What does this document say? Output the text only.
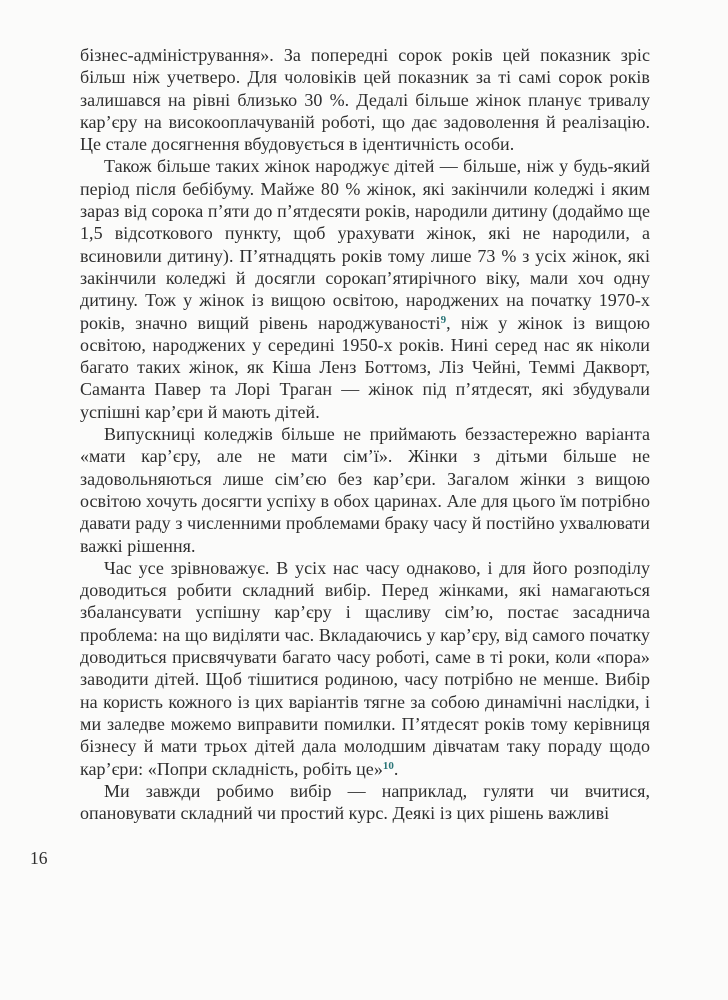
16

бізнес-адміністрування». За попередні сорок років цей показник зріс більш ніж учетверо. Для чоловіків цей показник за ті самі сорок років залишався на рівні близько 30 %. Дедалі більше жінок планує тривалу кар’єру на високооплачуваній роботі, що дає задоволення й реалізацію. Це стале досягнення вбудовується в ідентичність особи.

Також більше таких жінок народжує дітей — більше, ніж у будь-який період після бебібуму. Майже 80 % жінок, які закінчили коледжі і яким зараз від сорока п’яти до п’ятдесяти років, народили дитину (додаймо ще 1,5 відсоткового пункту, щоб урахувати жінок, які не народили, а всиновили дитину). П’ятнадцять років тому лише 73 % з усіх жінок, які закінчили коледжі й досягли сорокап’ятирічного віку, мали хоч одну дитину. Тож у жінок із вищою освітою, народжених на початку 1970-х років, значно вищий рівень народжуваності$^9$, ніж у жінок із вищою освітою, народжених у середині 1950-х років. Нині серед нас як ніколи багато таких жінок, як Кіша Ленз Боттомз, Ліз Чейні, Теммі Дакворт, Саманта Павер та Лорі Траган — жінок під п’ятдесят, які збудували успішні кар’єри й мають дітей.

Випускниці коледжів більше не приймають беззастережно варіанта «мати кар’єру, але не мати сім’ї». Жінки з дітьми більше не задовольняються лише сім’єю без кар’єри. Загалом жінки з вищою освітою хочуть досягти успіху в обох царинах. Але для цього їм потрібно давати раду з численними проблемами браку часу й постійно ухвалювати важкі рішення.

Час усе зрівноважує. В усіх нас часу однаково, і для його розподілу доводиться робити складний вибір. Перед жінками, які намагаються збалансувати успішну кар’єру і щасливу сім’ю, постає засаднича проблема: на що виділяти час. Вкладаючись у кар’єру, від самого початку доводиться присвячувати багато часу роботі, саме в ті роки, коли «пора» заводити дітей. Щоб тішитися родиною, часу потрібно не менше. Вибір на користь кожного із цих варіантів тягне за собою динамічні наслідки, і ми заледве можемо виправити помилки. П’ятдесят років тому керівниця бізнесу й мати трьох дітей дала молодшим дівчатам таку пораду щодо кар’єри: «Попри складність, робіть це»$^{10}$.

Ми завжди робимо вибір — наприклад, гуляти чи вчитися, опановувати складний чи простий курс. Деякі із цих рішень важливі
